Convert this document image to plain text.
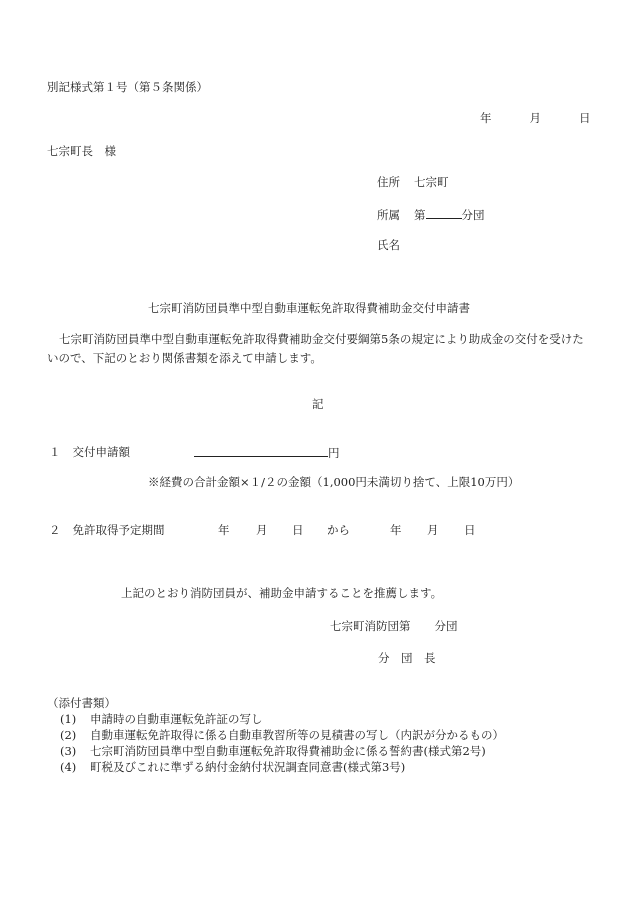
別記様式第１号（第５条関係）
年	月	日
七宗町長　様
住所 七宗町
所属 第	分団
氏名
七宗町消防団員準中型自動車運転免許取得費補助金交付申請書
七宗町消防団員準中型自動車運転免許取得費補助金交付要綱第5条の規定により助成金の交付を受けたいので、下記のとおり関係書類を添えて申請します。
記
１ 交付申請額	円
※経費の合計金額×１/２の金額（1,000円未満切り捨て、上限10万円）
２ 免許取得予定期間	年 月 日 から	年 月 日
上記のとおり消防団員が、補助金申請することを推薦します。
七宗町消防団第 分団
分　団　長
（添付書類）
(1) 申請時の自動車運転免許証の写し
(2) 自動車運転免許取得に係る自動車教習所等の見積書の写し（内訳が分かるもの）
(3) 七宗町消防団員準中型自動車運転免許取得費補助金に係る誓約書(様式第2号)
(4) 町税及びこれに準ずる納付金納付状況調査同意書(様式第3号)
